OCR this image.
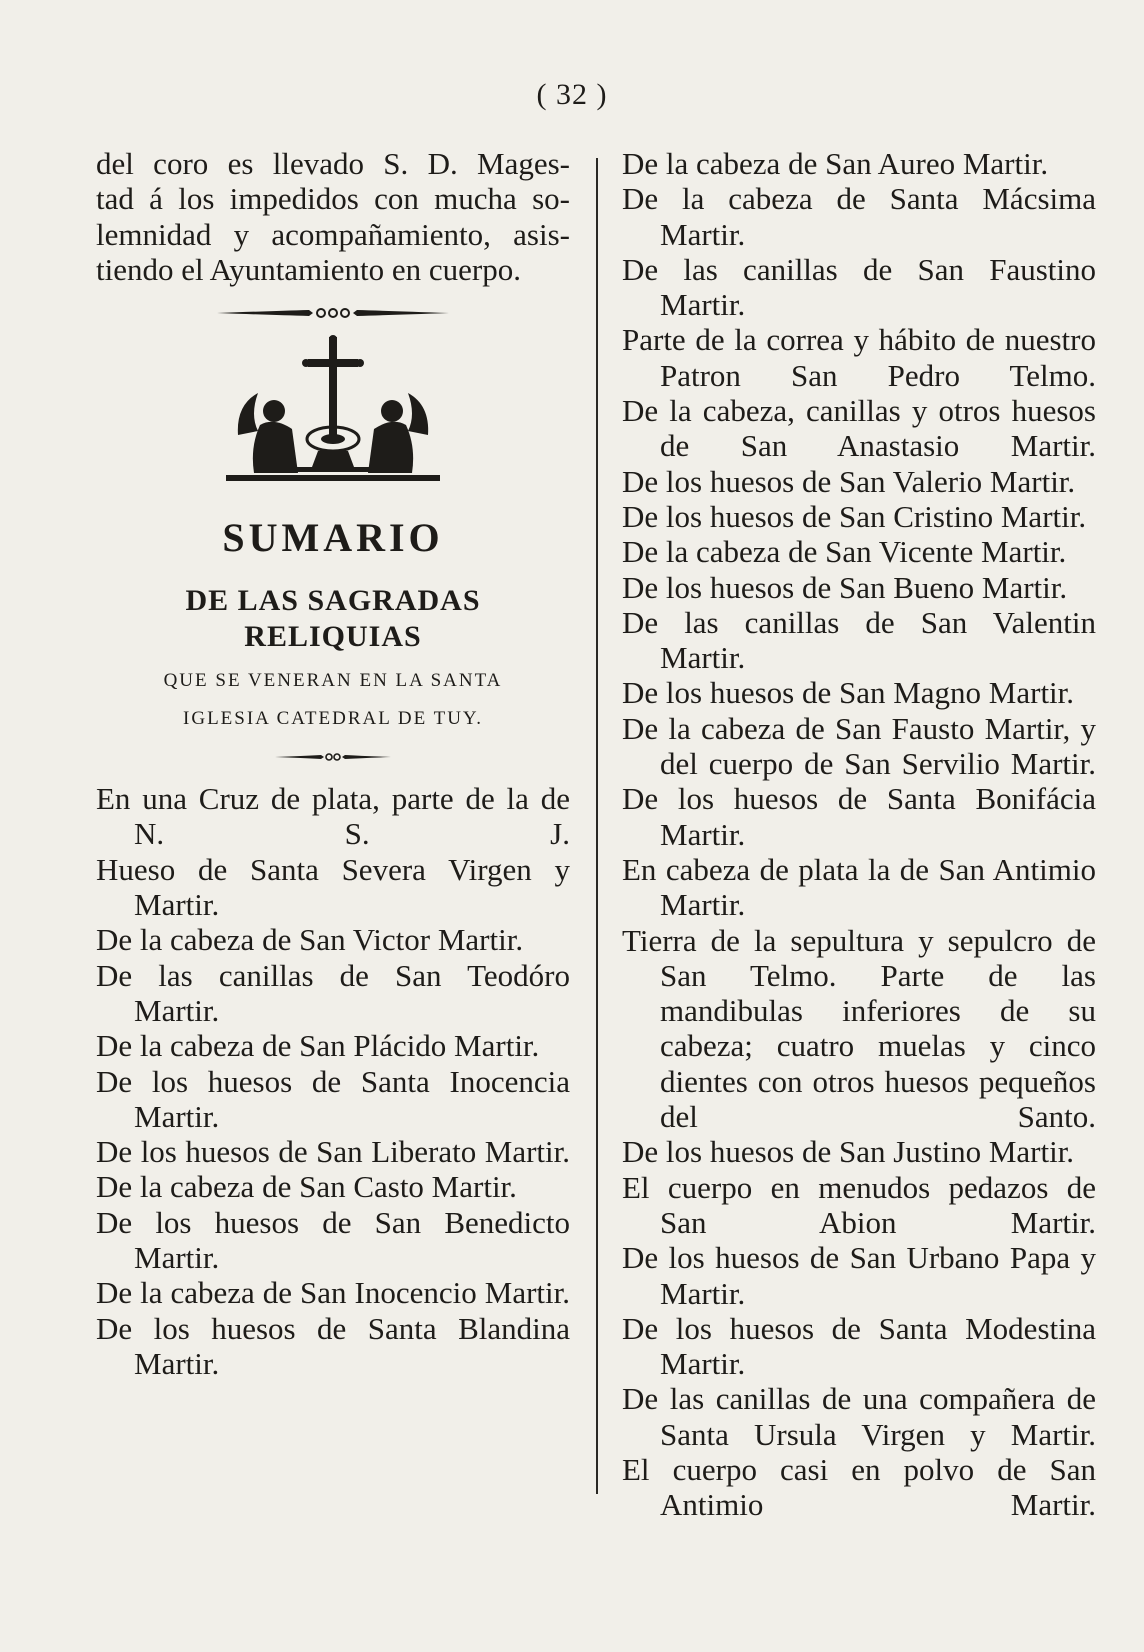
( 32 )

del coro es llevado S. D. Mages-

tad á los impedidos con mucha so-

lemnidad y acompañamiento, asis-

tiendo el Ayuntamiento en cuerpo.

SUMARIO
DE LAS SAGRADAS RELIQUIAS
QUE SE VENERAN EN LA SANTA
IGLESIA CATEDRAL DE TUY.

En una Cruz de plata, parte de la de N. S. J.

Hueso de Santa Severa Virgen y Martir.

De la cabeza de San Victor Martir.

De las canillas de San Teodóro Martir.

De la cabeza de San Plácido Martir.

De los huesos de Santa Inocencia Martir.

De los huesos de San Liberato Martir.

De la cabeza de San Casto Martir.

De los huesos de San Benedicto Martir.

De la cabeza de San Inocencio Martir.

De los huesos de Santa Blandina Martir.

De la cabeza de San Aureo Martir.

De la cabeza de Santa Mácsima Martir.

De las canillas de San Faustino Martir.

Parte de la correa y hábito de nuestro Patron San Pedro Telmo.

De la cabeza, canillas y otros huesos de San Anastasio Martir.

De los huesos de San Valerio Martir.

De los huesos de San Cristino Martir.

De la cabeza de San Vicente Martir.

De los huesos de San Bueno Martir.

De las canillas de San Valentin Martir.

De los huesos de San Magno Martir.

De la cabeza de San Fausto Martir, y del cuerpo de San Servilio Martir.

De los huesos de Santa Bonifácia Martir.

En cabeza de plata la de San Antimio Martir.

Tierra de la sepultura y sepulcro de San Telmo. Parte de las mandibulas inferiores de su cabeza; cuatro muelas y cinco dientes con otros huesos pequeños del Santo.

De los huesos de San Justino Martir.

El cuerpo en menudos pedazos de San Abion Martir.

De los huesos de San Urbano Papa y Martir.

De los huesos de Santa Modestina Martir.

De las canillas de una compañera de Santa Ursula Virgen y Martir.

El cuerpo casi en polvo de San Antimio Martir.
